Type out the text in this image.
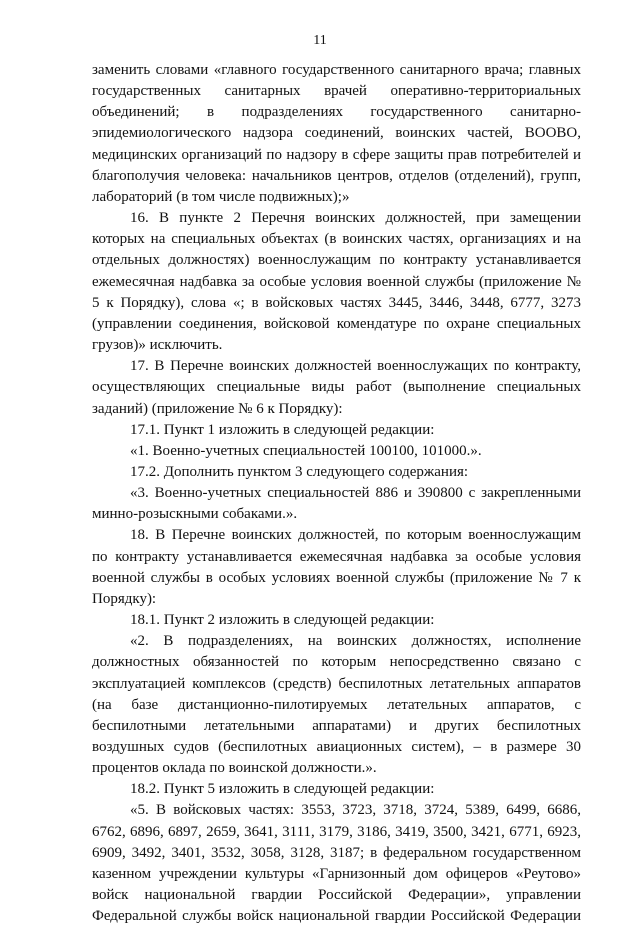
11

заменить словами «главного государственного санитарного врача; главных государственных санитарных врачей оперативно-территориальных объединений; в подразделениях государственного санитарно-эпидемиологического надзора соединений, воинских частей, ВООВО, медицинских организаций по надзору в сфере защиты прав потребителей и благополучия человека: начальников центров, отделов (отделений), групп, лабораторий (в том числе подвижных);»

16. В пункте 2 Перечня воинских должностей, при замещении которых на специальных объектах (в воинских частях, организациях и на отдельных должностях) военнослужащим по контракту устанавливается ежемесячная надбавка за особые условия военной службы (приложение № 5 к Порядку), слова «; в войсковых частях 3445, 3446, 3448, 6777, 3273 (управлении соединения, войсковой комендатуре по охране специальных грузов)» исключить.

17. В Перечне воинских должностей военнослужащих по контракту, осуществляющих специальные виды работ (выполнение специальных заданий) (приложение № 6 к Порядку):

17.1. Пункт 1 изложить в следующей редакции:

«1. Военно-учетных специальностей 100100, 101000.».

17.2. Дополнить пунктом 3 следующего содержания:

«3. Военно-учетных специальностей 886 и 390800 с закрепленными минно-розыскными собаками.».

18. В Перечне воинских должностей, по которым военнослужащим по контракту устанавливается ежемесячная надбавка за особые условия военной службы в особых условиях военной службы (приложение № 7 к Порядку):

18.1. Пункт 2 изложить в следующей редакции:

«2. В подразделениях, на воинских должностях, исполнение должностных обязанностей по которым непосредственно связано с эксплуатацией комплексов (средств) беспилотных летательных аппаратов (на базе дистанционно-пилотируемых летательных аппаратов, с беспилотными летательными аппаратами) и других беспилотных воздушных судов (беспилотных авиационных систем), – в размере 30 процентов оклада по воинской должности.».

18.2. Пункт 5 изложить в следующей редакции:

«5. В войсковых частях: 3553, 3723, 3718, 3724, 5389, 6499, 6686, 6762, 6896, 6897, 2659, 3641, 3111, 3179, 3186, 3419, 3500, 3421, 6771, 6923, 6909, 3492, 3401, 3532, 3058, 3128, 3187; в федеральном государственном казенном учреждении культуры «Гарнизонный дом офицеров «Реутово» войск национальной гвардии Российской Федерации», управлении Федеральной службы войск национальной гвардии Российской Федерации
